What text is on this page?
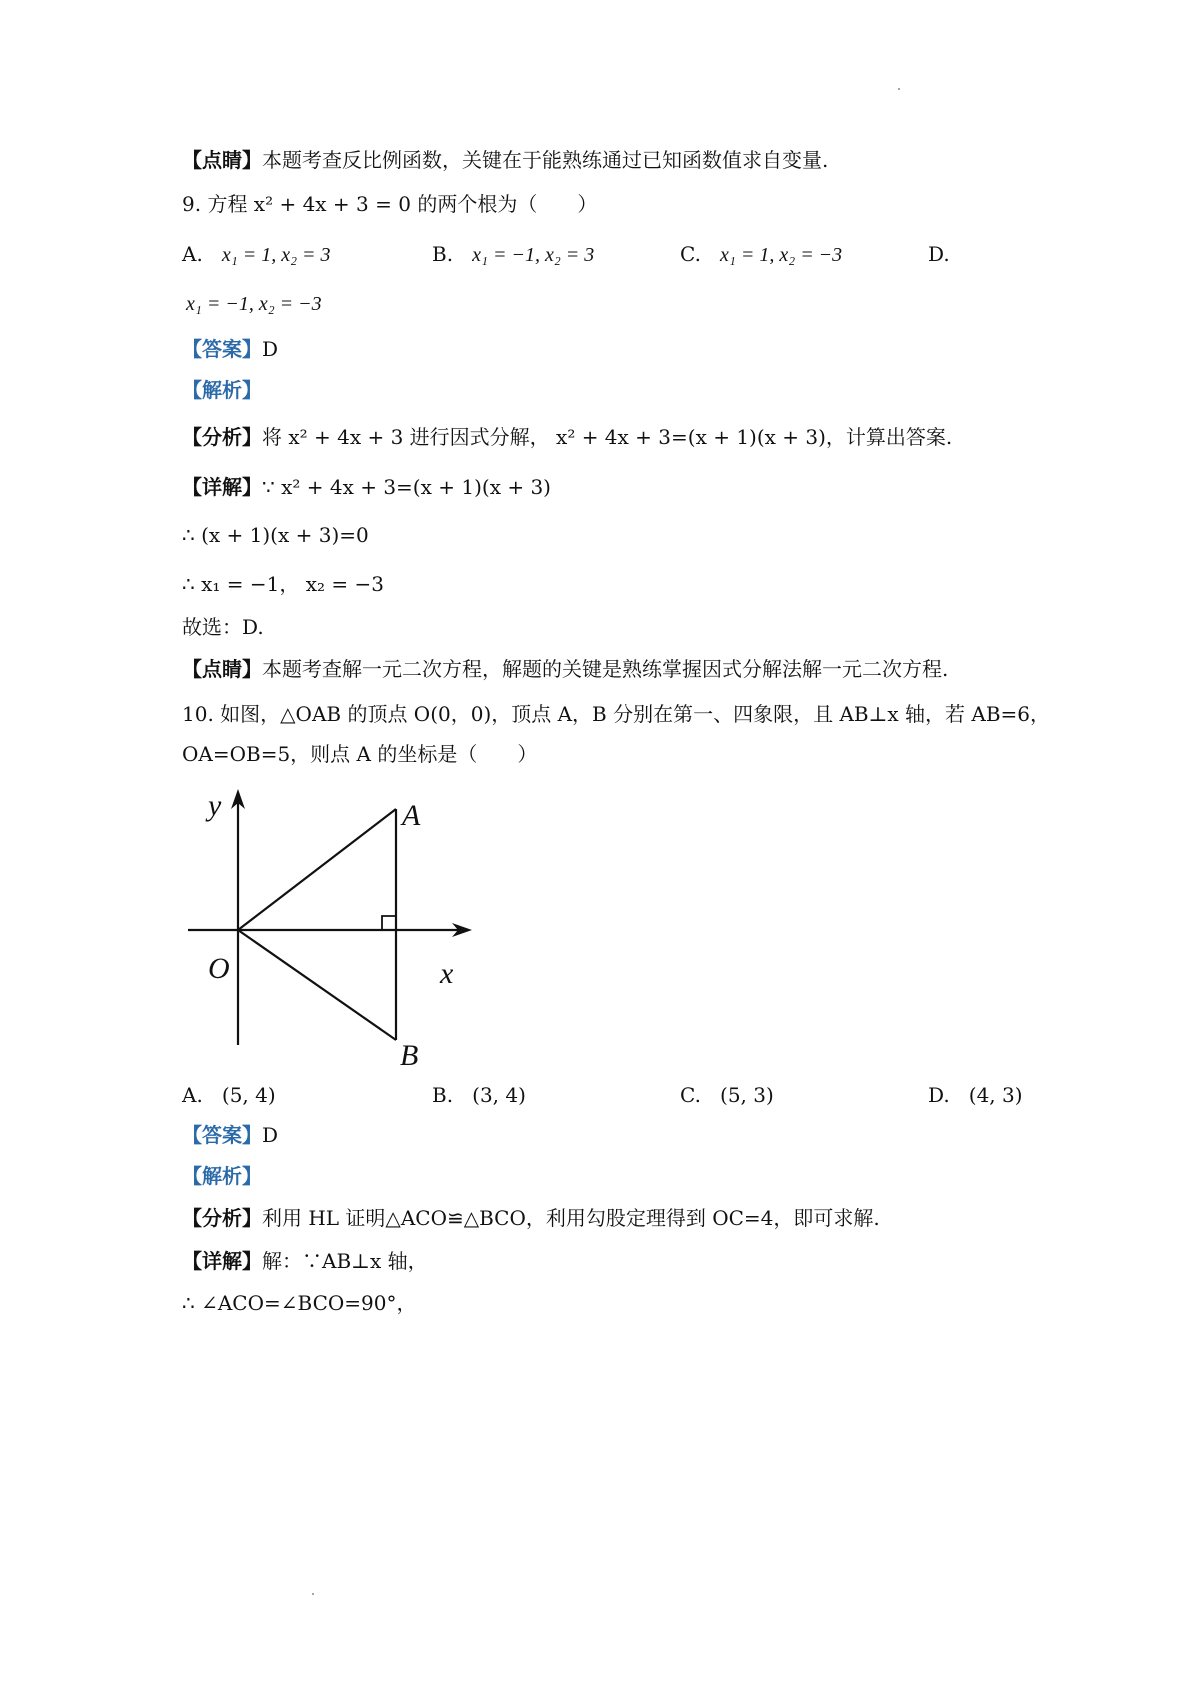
【点睛】本题考查反比例函数，关键在于能熟练通过已知函数值求自变量.
9. 方程 x² + 4x + 3 = 0 的两个根为（　　）
A. x₁ = 1, x₂ = 3	B. x₁ = −1, x₂ = 3	C. x₁ = 1, x₂ = −3	D.
x₁ = −1, x₂ = −3
【答案】D
【解析】
【分析】将 x² + 4x + 3 进行因式分解， x² + 4x + 3=(x + 1)(x + 3)，计算出答案.
【详解】∵ x² + 4x + 3=(x + 1)(x + 3)
∴ (x + 1)(x + 3)=0
∴ x₁ = −1， x₂ = −3
故选：D.
【点睛】本题考查解一元二次方程，解题的关键是熟练掌握因式分解法解一元二次方程.
10. 如图，△OAB 的顶点 O(0，0)，顶点 A，B 分别在第一、四象限，且 AB⊥x 轴，若 AB=6，
OA=OB=5，则点 A 的坐标是（　　）
y
x
O
A
B
A. (5, 4)	B. (3, 4)	C. (5, 3)	D. (4, 3)
【答案】D
【解析】
【分析】利用 HL 证明△ACO≌△BCO，利用勾股定理得到 OC=4，即可求解.
【详解】解：∵AB⊥x 轴，
∴ ∠ACO=∠BCO=90°，
